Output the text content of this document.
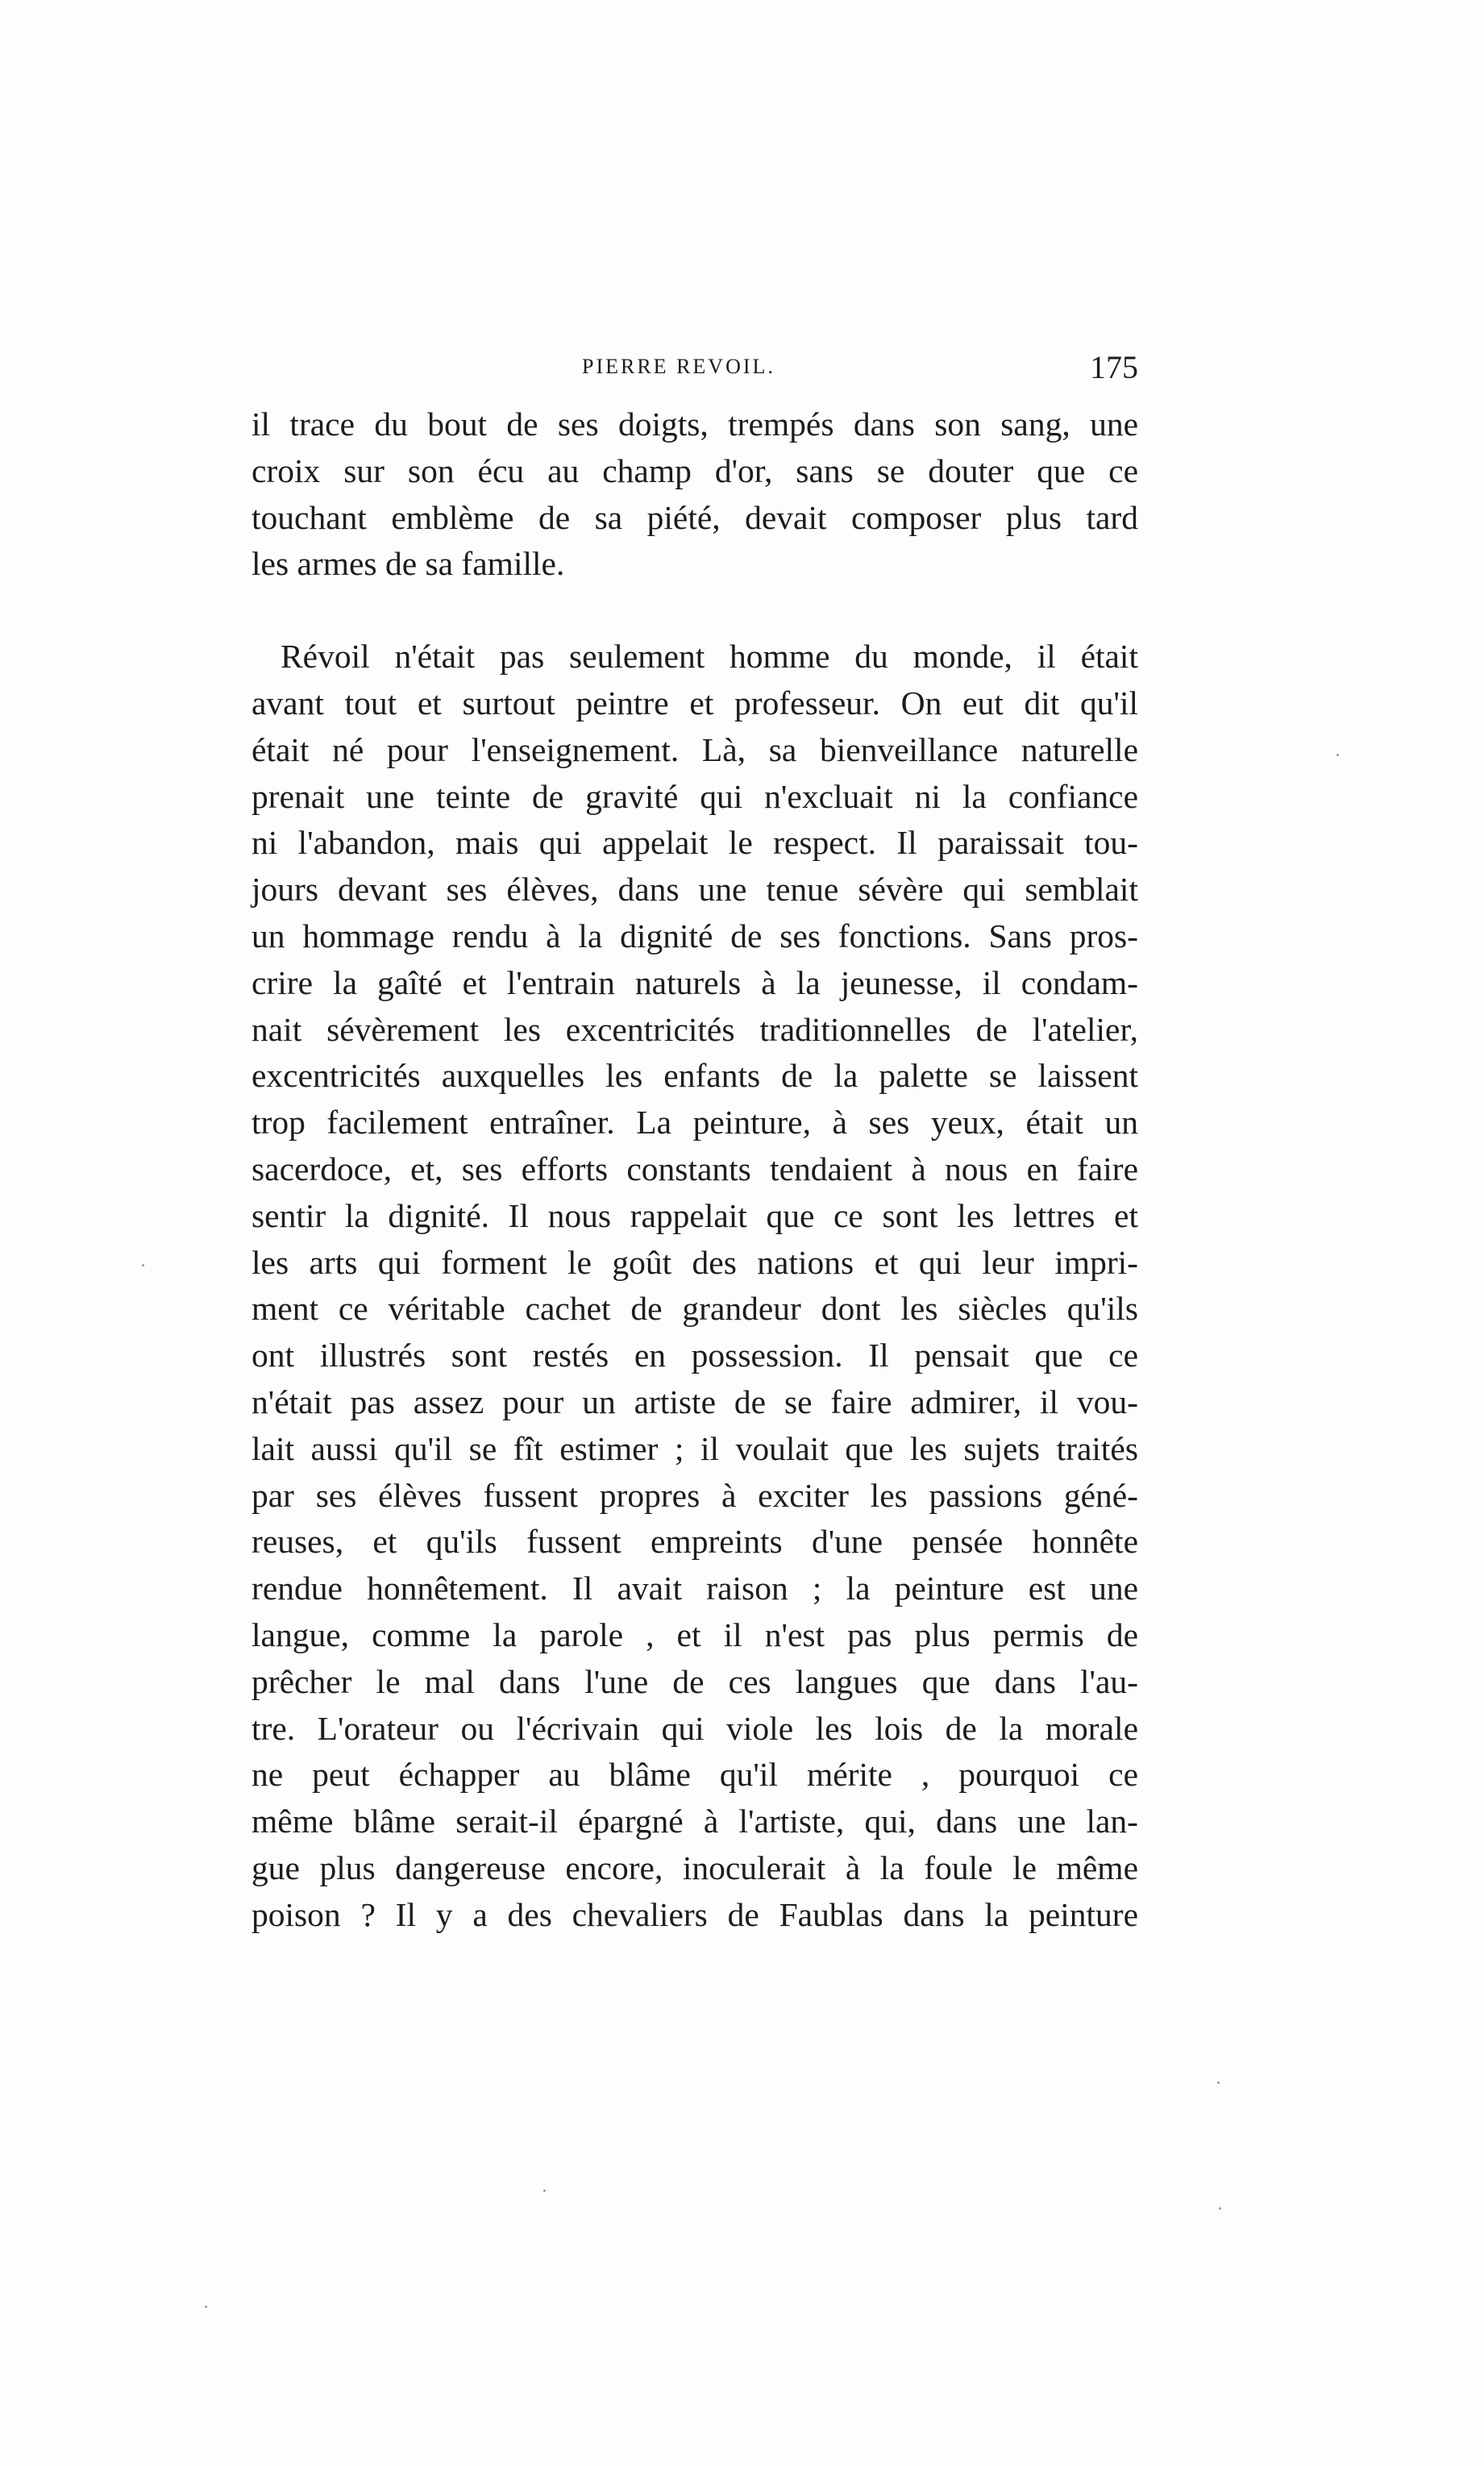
PIERRE REVOIL.	175
il trace du bout de ses doigts, trempés dans son sang, une
croix sur son écu au champ d'or, sans se douter que ce
touchant emblème de sa piété, devait composer plus tard
les armes de sa famille.
Révoil n'était pas seulement homme du monde, il était
avant tout et surtout peintre et professeur. On eut dit qu'il
était né pour l'enseignement. Là, sa bienveillance naturelle
prenait une teinte de gravité qui n'excluait ni la confiance
ni l'abandon, mais qui appelait le respect. Il paraissait tou-
jours devant ses élèves, dans une tenue sévère qui semblait
un hommage rendu à la dignité de ses fonctions. Sans pros-
crire la gaîté et l'entrain naturels à la jeunesse, il condam-
nait sévèrement les excentricités traditionnelles de l'atelier,
excentricités auxquelles les enfants de la palette se laissent
trop facilement entraîner. La peinture, à ses yeux, était un
sacerdoce, et, ses efforts constants tendaient à nous en faire
sentir la dignité. Il nous rappelait que ce sont les lettres et
les arts qui forment le goût des nations et qui leur impri-
ment ce véritable cachet de grandeur dont les siècles qu'ils
ont illustrés sont restés en possession. Il pensait que ce
n'était pas assez pour un artiste de se faire admirer, il vou-
lait aussi qu'il se fît estimer ; il voulait que les sujets traités
par ses élèves fussent propres à exciter les passions géné-
reuses, et qu'ils fussent empreints d'une pensée honnête
rendue honnêtement. Il avait raison ; la peinture est une
langue, comme la parole , et il n'est pas plus permis de
prêcher le mal dans l'une de ces langues que dans l'au-
tre. L'orateur ou l'écrivain qui viole les lois de la morale
ne peut échapper au blâme qu'il mérite , pourquoi ce
même blâme serait-il épargné à l'artiste, qui, dans une lan-
gue plus dangereuse encore, inoculerait à la foule le même
poison ? Il y a des chevaliers de Faublas dans la peinture
